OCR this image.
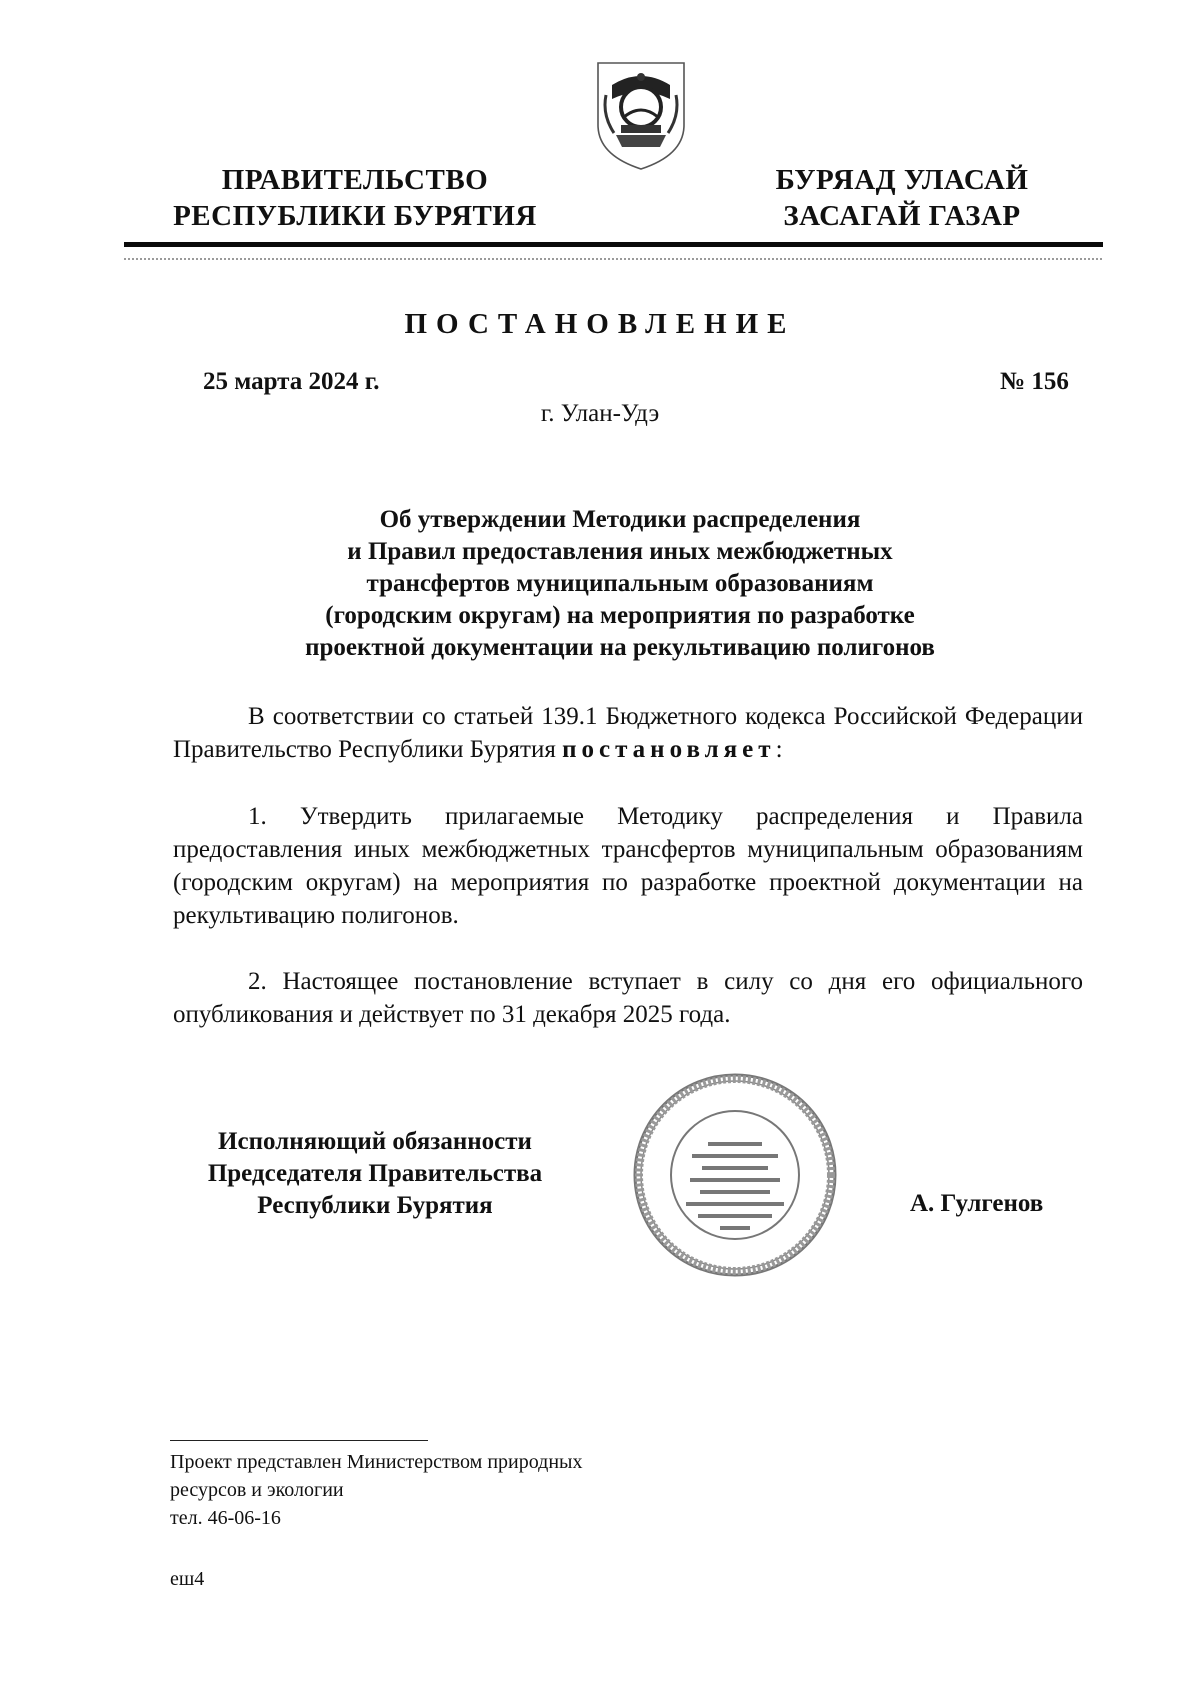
ПРАВИТЕЛЬСТВО
РЕСПУБЛИКИ БУРЯТИЯ
БУРЯАД УЛАСАЙ
ЗАСАГАЙ ГАЗАР
ПОСТАНОВЛЕНИЕ
25 марта 2024 г.	№ 156
г. Улан-Удэ
Об утверждении Методики распределения
и Правил предоставления иных межбюджетных
трансфертов муниципальным образованиям
(городским округам) на мероприятия по разработке
проектной документации на рекультивацию полигонов
В соответствии со статьей 139.1 Бюджетного кодекса Российской Федерации Правительство Республики Бурятия постановляет:
1. Утвердить прилагаемые Методику распределения и Правила предоставления иных межбюджетных трансфертов муниципальным образованиям (городским округам) на мероприятия по разработке проектной документации на рекультивацию полигонов.
2. Настоящее постановление вступает в силу со дня его официального опубликования и действует по 31 декабря 2025 года.
Исполняющий обязанности
Председателя Правительства
Республики Бурятия	А. Гулгенов
Проект представлен Министерством природных
ресурсов и экологии
тел. 46-06-16
еш4
